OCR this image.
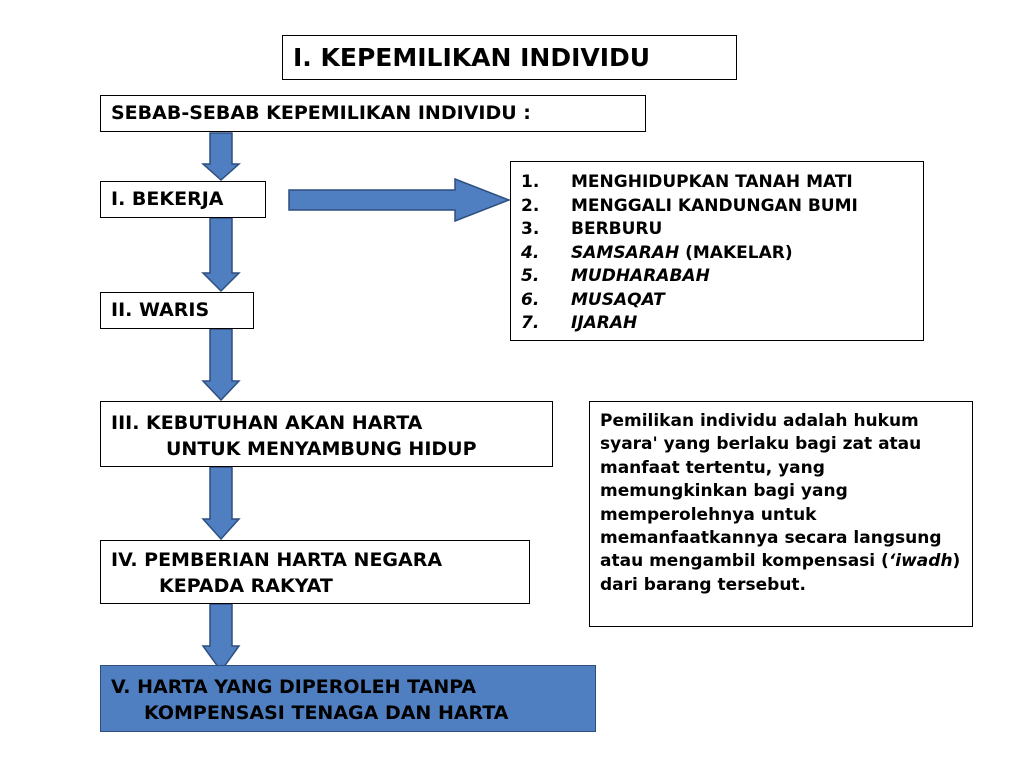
I. KEPEMILIKAN INDIVIDU
SEBAB-SEBAB KEPEMILIKAN INDIVIDU :
I. BEKERJA
II. WARIS
III. KEBUTUHAN AKAN HARTA
UNTUK MENYAMBUNG HIDUP
IV. PEMBERIAN HARTA NEGARA
KEPADA RAKYAT
V. HARTA YANG DIPEROLEH TANPA
KOMPENSASI TENAGA DAN HARTA
1. MENGHIDUPKAN TANAH MATI
2. MENGGALI KANDUNGAN BUMI
3. BERBURU
4. SAMSARAH (MAKELAR)
5. MUDHARABAH
6. MUSAQAT
7. IJARAH
Pemilikan individu adalah hukum syara' yang berlaku bagi zat atau manfaat tertentu, yang memungkinkan bagi yang memperolehnya untuk memanfaatkannya secara langsung atau mengambil kompensasi (‘iwadh) dari barang tersebut.
